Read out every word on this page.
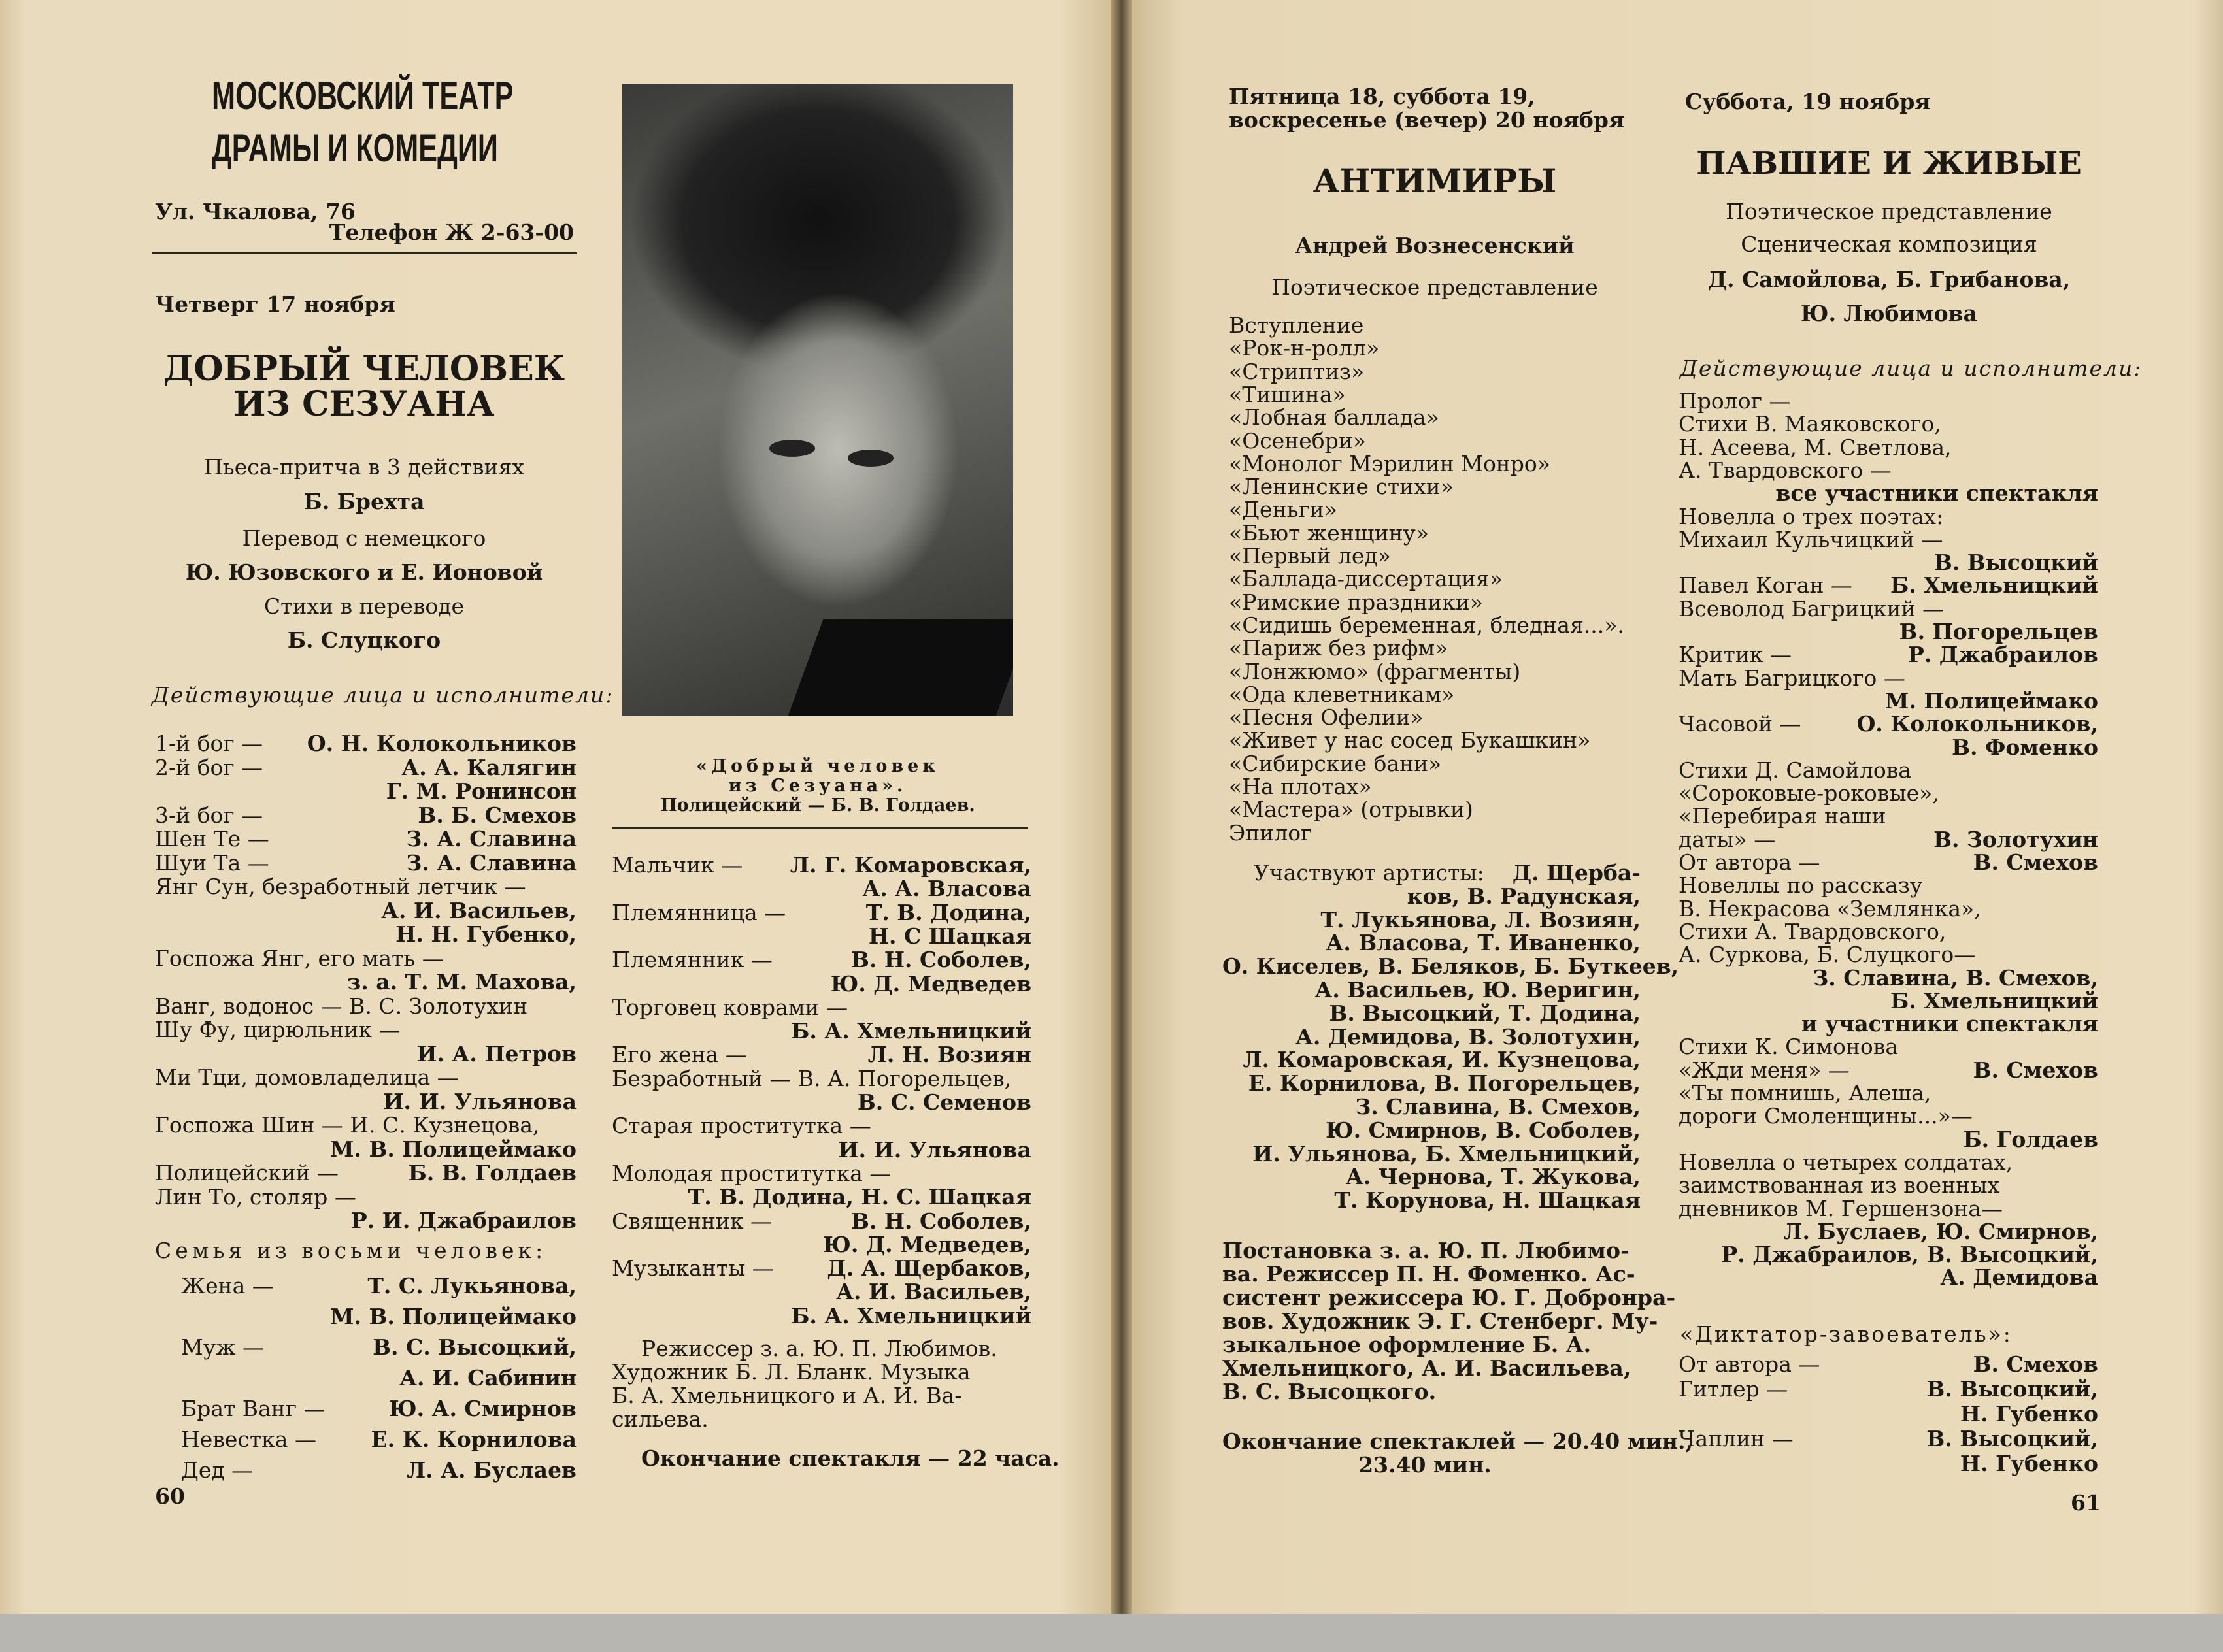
МОСКОВСКИЙ ТЕАТР
ДРАМЫ И КОМЕДИИ
Ул. Чкалова, 76
Телефон Ж 2-63-00
Четверг 17 ноября
ДОБРЫЙ ЧЕЛОВЕК
ИЗ СЕЗУАНА
Пьеса-притча в 3 действиях
Б. Брехта
Перевод с немецкого
Ю. Юзовского и Е. Ионовой
Стихи в переводе
Б. Слуцкого
Действующие лица и исполнители:
1-й бог —	О. Н. Колокольников
2-й бог —	А. А. Калягин
Г. М. Ронинсон
3-й бог —	В. Б. Смехов
Шен Те —	З. А. Славина
Шуи Та —	З. А. Славина
Янг Сун, безработный летчик —
А. И. Васильев,
Н. Н. Губенко,
Госпожа Янг, его мать —
з. а. Т. М. Махова,
Ванг, водонос — В. С. Золотухин
Шу Фу, цирюльник —
И. А. Петров
Ми Тци, домовладелица —
И. И. Ульянова
Госпожа Шин — И. С. Кузнецова,
М. В. Полицеймако
Полицейский —	Б. В. Голдаев
Лин То, столяр —
Р. И. Джабраилов
Семья из восьми человек:
Жена —	Т. С. Лукьянова,
М. В. Полицеймако
Муж —	В. С. Высоцкий,
А. И. Сабинин
Брат Ванг —	Ю. А. Смирнов
Невестка —	Е. К. Корнилова
Дед —	Л. А. Буслаев
60
«Добрый человек
из Сезуана».
Полицейский — Б. В. Голдаев.
Мальчик —	Л. Г. Комаровская,
А. А. Власова
Племянница —	Т. В. Додина,
Н. С Шацкая
Племянник —	В. Н. Соболев,
Ю. Д. Медведев
Торговец коврами —
Б. А. Хмельницкий
Его жена —	Л. Н. Возиян
Безработный — В. А. Погорельцев,
В. С. Семенов
Старая проститутка —
И. И. Ульянова
Молодая проститутка —
Т. В. Додина, Н. С. Шацкая
Священник —	В. Н. Соболев,
Ю. Д. Медведев,
Музыканты —	Д. А. Щербаков,
А. И. Васильев,
Б. А. Хмельницкий
Режиссер з. а. Ю. П. Любимов.
Художник Б. Л. Бланк. Музыка
Б. А. Хмельницкого и А. И. Ва-
сильева.
Окончание спектакля — 22 часа.
Пятница 18, суббота 19,
воскресенье (вечер) 20 ноября
АНТИМИРЫ
Андрей Вознесенский
Поэтическое представление
Вступление
«Рок-н-ролл»
«Стриптиз»
«Тишина»
«Лобная баллада»
«Осенебри»
«Монолог Мэрилин Монро»
«Ленинские стихи»
«Деньги»
«Бьют женщину»
«Первый лед»
«Баллада-диссертация»
«Римские праздники»
«Сидишь беременная, бледная...».
«Париж без рифм»
«Лонжюмо» (фрагменты)
«Ода клеветникам»
«Песня Офелии»
«Живет у нас сосед Букашкин»
«Сибирские бани»
«На плотах»
«Мастера» (отрывки)
Эпилог
Участвуют артисты:	Д. Щерба-
ков, В. Радунская,
Т. Лукьянова, Л. Возиян,
А. Власова, Т. Иваненко,
О. Киселев, В. Беляков, Б. Буткеев,
А. Васильев, Ю. Веригин,
В. Высоцкий, Т. Додина,
А. Демидова, В. Золотухин,
Л. Комаровская, И. Кузнецова,
Е. Корнилова, В. Погорельцев,
З. Славина, В. Смехов,
Ю. Смирнов, В. Соболев,
И. Ульянова, Б. Хмельницкий,
А. Чернова, Т. Жукова,
Т. Корунова, Н. Шацкая
Постановка з. а. Ю. П. Любимо-
ва. Режиссер П. Н. Фоменко. Ас-
систент режиссера Ю. Г. Добронра-
вов. Художник Э. Г. Стенберг. Му-
зыкальное оформление Б. А.
Хмельницкого, А. И. Васильева,
В. С. Высоцкого.
Окончание спектаклей — 20.40 мин.,
23.40 мин.
Суббота, 19 ноября
ПАВШИЕ И ЖИВЫЕ
Поэтическое представление
Сценическая композиция
Д. Самойлова, Б. Грибанова,
Ю. Любимова
Действующие лица и исполнители:
Пролог —
Стихи В. Маяковского,
Н. Асеева, М. Светлова,
А. Твардовского —
все участники спектакля
Новелла о трех поэтах:
Михаил Кульчицкий —
В. Высоцкий
Павел Коган —	Б. Хмельницкий
Всеволод Багрицкий —
В. Погорельцев
Критик —	Р. Джабраилов
Мать Багрицкого —
М. Полицеймако
Часовой —	О. Колокольников,
В. Фоменко
Стихи Д. Самойлова
«Сороковые-роковые»,
«Перебирая наши
даты» —	В. Золотухин
От автора —	В. Смехов
Новеллы по рассказу
В. Некрасова «Землянка»,
Стихи А. Твардовского,
А. Суркова, Б. Слуцкого—
З. Славина, В. Смехов,
Б. Хмельницкий
и участники спектакля
Стихи К. Симонова
«Жди меня» —	В. Смехов
«Ты помнишь, Алеша,
дороги Смоленщины...»—
Б. Голдаев
Новелла о четырех солдатах,
заимствованная из военных
дневников М. Гершензона—
Л. Буслаев, Ю. Смирнов,
Р. Джабраилов, В. Высоцкий,
А. Демидова
«Диктатор-завоеватель»:
От автора —	В. Смехов
Гитлер —	В. Высоцкий,
Н. Губенко
Чаплин —	В. Высоцкий,
Н. Губенко
61
